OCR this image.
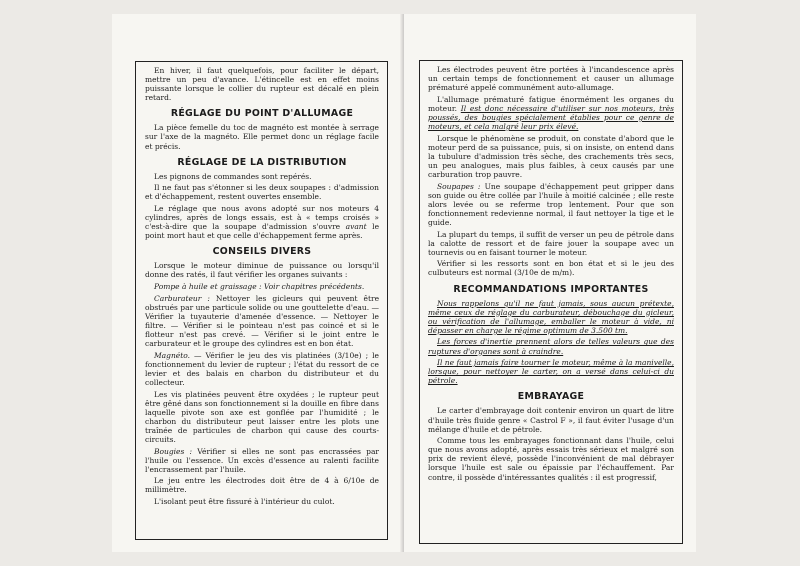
En hiver, il faut quelquefois, pour faciliter le départ, mettre un peu d'avance. L'étincelle est en effet moins puissante lorsque le collier du rupteur est décalé en plein retard.

RÉGLAGE DU POINT D'ALLUMAGE

La pièce femelle du toc de magnéto est montée à serrage sur l'axe de la magnéto. Elle permet donc un réglage facile et précis.

RÉGLAGE DE LA DISTRIBUTION

Les pignons de commandes sont repérés.

Il ne faut pas s'étonner si les deux soupapes : d'admission et d'échappement, restent ouvertes ensemble.

Le réglage que nous avons adopté sur nos moteurs 4 cylindres, après de longs essais, est à « temps croisés » c'est-à-dire que la soupape d'admission s'ouvre avant le point mort haut et que celle d'échappement ferme après.

CONSEILS DIVERS

Lorsque le moteur diminue de puissance ou lorsqu'il donne des ratés, il faut vérifier les organes suivants :

Pompe à huile et graissage : Voir chapitres précédents.

Carburateur : Nettoyer les gicleurs qui peuvent être obstrués par une particule solide ou une gouttelette d'eau. — Vérifier la tuyauterie d'amenée d'essence. — Nettoyer le filtre. — Vérifier si le pointeau n'est pas coincé et si le flotteur n'est pas crevé. — Vérifier si le joint entre le carburateur et le groupe des cylindres est en bon état.

Magnéto. — Vérifier le jeu des vis platinées (3/10e) ; le fonctionnement du levier de rupteur ; l'état du ressort de ce levier et des balais en charbon du distributeur et du collecteur.

Les vis platinées peuvent être oxydées ; le rupteur peut être gêné dans son fonctionnement si la douille en fibre dans laquelle pivote son axe est gonflée par l'humidité ; le charbon du distributeur peut laisser entre les plots une traînée de particules de charbon qui cause des courts-circuits.

Bougies : Vérifier si elles ne sont pas encrassées par l'huile ou l'essence. Un excès d'essence au ralenti facilite l'encrassement par l'huile.

Le jeu entre les électrodes doit être de 4 à 6/10e de millimètre.

L'isolant peut être fissuré à l'intérieur du culot.

Les électrodes peuvent être portées à l'incandescence après un certain temps de fonctionnement et causer un allumage prématuré appelé communément auto-allumage.

L'allumage prématuré fatigue énormément les organes du moteur. Il est donc nécessaire d'utiliser sur nos moteurs, très poussés, des bougies spécialement établies pour ce genre de moteurs, et cela malgré leur prix élevé.

Lorsque le phénomène se produit, on constate d'abord que le moteur perd de sa puissance, puis, si on insiste, on entend dans la tubulure d'admission très sèche, des crachements très secs, un peu analogues, mais plus faibles, à ceux causés par une carburation trop pauvre.

Soupapes : Une soupape d'échappement peut gripper dans son guide ou être collée par l'huile à moitié calcinée ; elle reste alors levée ou se referme trop lentement. Pour que son fonctionnement redevienne normal, il faut nettoyer la tige et le guide.

La plupart du temps, il suffit de verser un peu de pétrole dans la calotte de ressort et de faire jouer la soupape avec un tournevis ou en faisant tourner le moteur.

Vérifier si les ressorts sont en bon état et si le jeu des culbuteurs est normal (3/10e de m/m).

RECOMMANDATIONS IMPORTANTES

Nous rappelons qu'il ne faut jamais, sous aucun prétexte, même ceux de réglage du carburateur, débouchage du gicleur, ou vérification de l'allumage, emballer le moteur à vide, ni dépasser en charge le régime optimum de 3.500 tm.

Les forces d'inertie prennent alors de telles valeurs que des ruptures d'organes sont à craindre.

Il ne faut jamais faire tourner le moteur, même à la manivelle, lorsque, pour nettoyer le carter, on a versé dans celui-ci du pétrole.

EMBRAYAGE

Le carter d'embrayage doit contenir environ un quart de litre d'huile très fluide genre « Castrol F », il faut éviter l'usage d'un mélange d'huile et de pétrole.

Comme tous les embrayages fonctionnant dans l'huile, celui que nous avons adopté, après essais très sérieux et malgré son prix de revient élevé, possède l'inconvénient de mal débrayer lorsque l'huile est sale ou épaissie par l'échauffement. Par contre, il possède d'intéressantes qualités : il est progressif,
